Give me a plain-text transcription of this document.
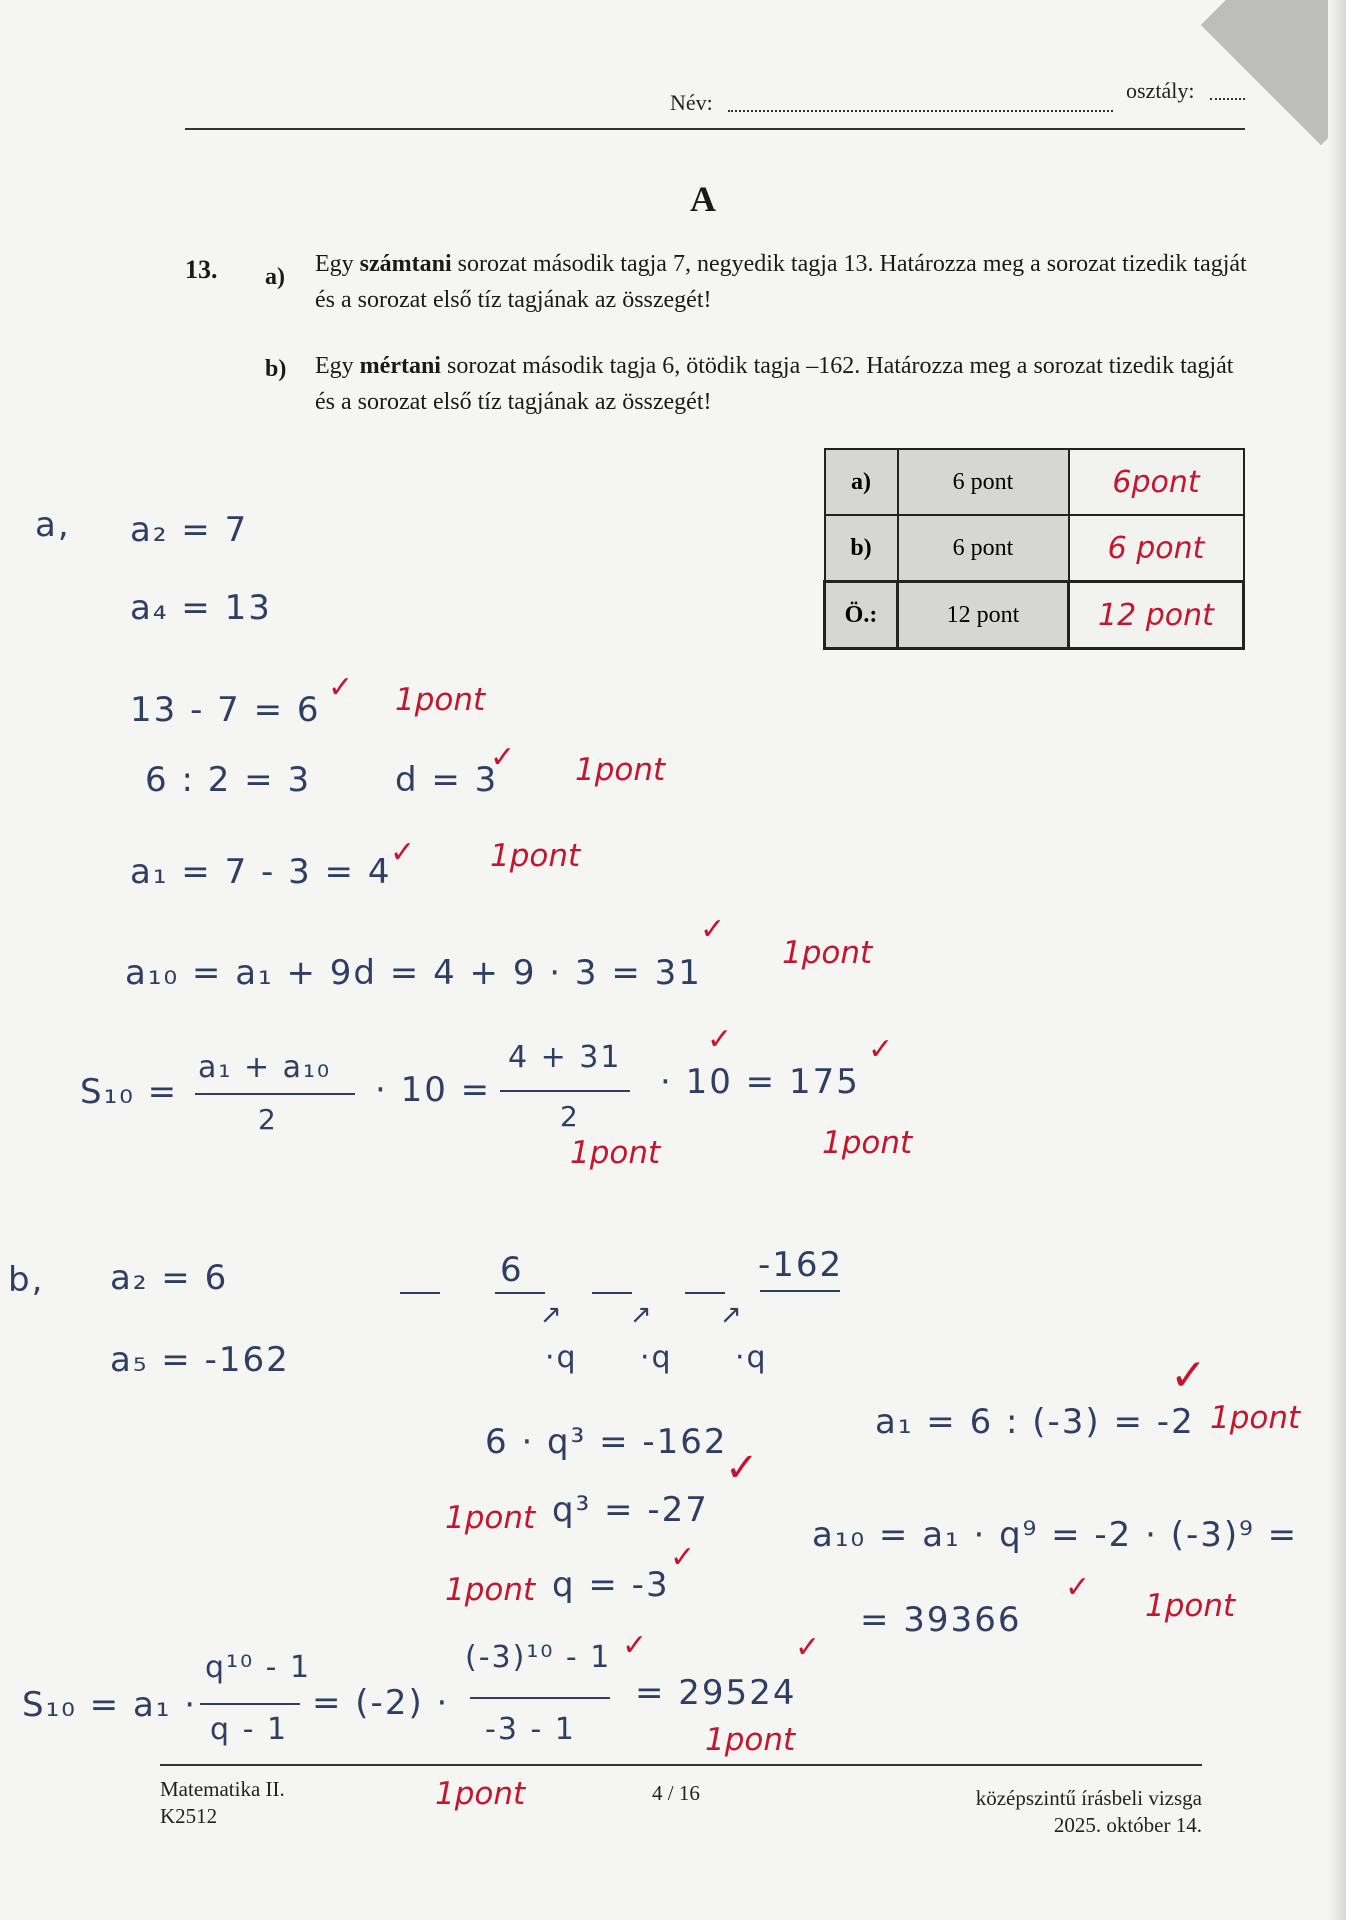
Név:	osztály:
A
13. a) Egy számtani sorozat második tagja 7, negyedik tagja 13. Határozza meg a sorozat tizedik tagját és a sorozat első tíz tagjának az összegét!
b) Egy mértani sorozat második tagja 6, ötödik tagja –162. Határozza meg a sorozat tizedik tagját és a sorozat első tíz tagjának az összegét!
a)	6 pont	6pont
b)	6 pont	6 pont
Ö.:	12 pont	12 pont
a, a₂ = 7
a₄ = 13
13 - 7 = 6
✓ 1pont
6 : 2 = 3 d = 3
✓ 1pont
a₁ = 7 - 3 = 4
✓ 1pont
a₁₀ = a₁ + 9d = 4 + 9 · 3 = 31
✓
1pont
S₁₀ =
a₁ + a₁₀
2
· 10 =
4 + 31
2
✓
· 10 = 175
✓
1pont	1pont
b, a₂ = 6
a₅ = -162
6	-162
↗	↗	↗
·q ·q ·q
6 · q³ = -162
✓
a₁ = 6 : (-3) = -2 1pont
1pont q³ = -27
✓
a₁₀ = a₁ · q⁹ = -2 · (-3)⁹ =
1pont q = -3
✓
= 39366
✓
1pont
S₁₀ = a₁ ·
q¹⁰ - 1
q - 1
= (-2) ·
(-3)¹⁰ - 1 ✓
-3 - 1
= 29524
✓
1pont
Matematika II.
K2512
1pont	4 / 16	középszintű írásbeli vizsga
2025. október 14.
